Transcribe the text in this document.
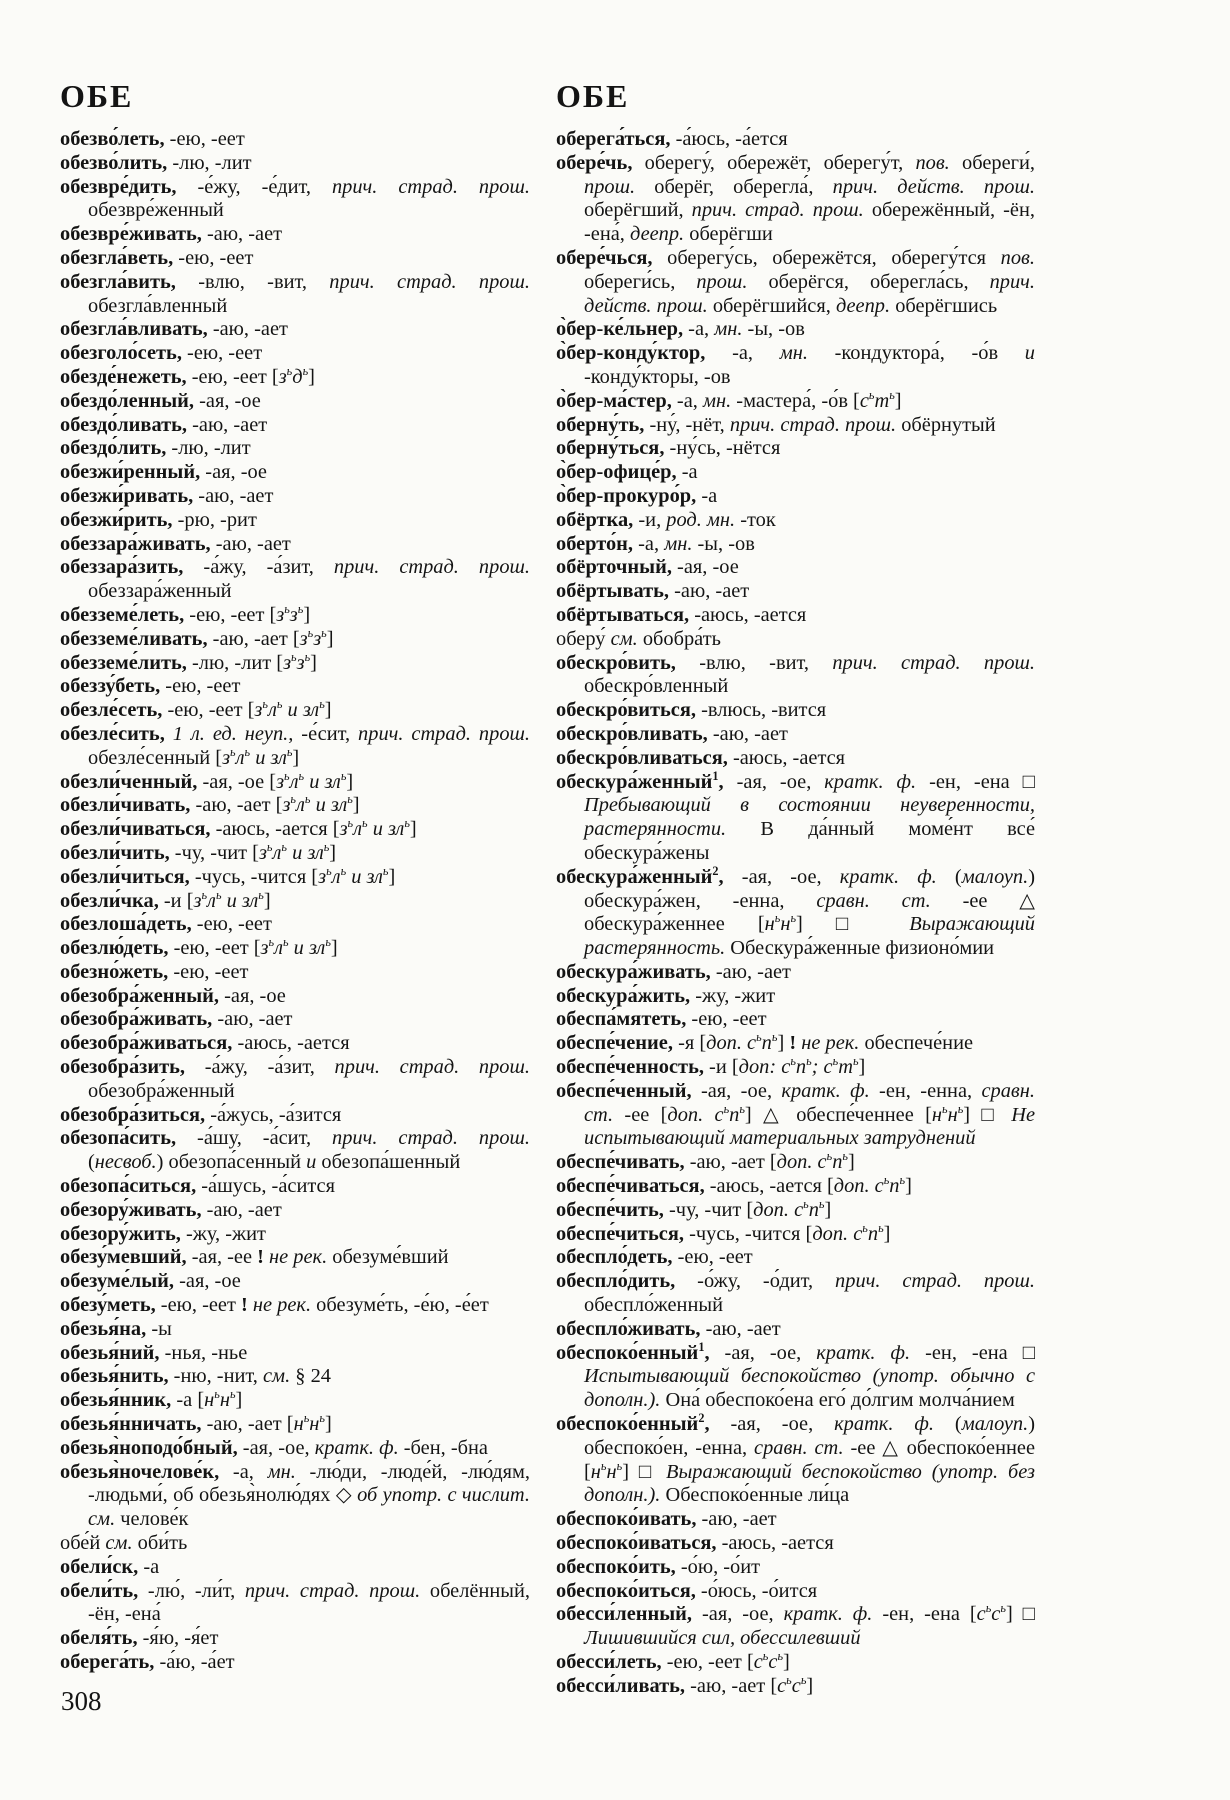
ОБЕ	ОБЕ

обезво́леть, -ею, -еет

обезво́лить, -лю, -лит

обезвре́дить, -е́жу, -е́дит, прич. страд. прош. обезвре́женный

обезвре́живать, -аю, -ает

обезгла́веть, -ею, -еет

обезгла́вить, -влю, -вит, прич. страд. прош. обезгла́вленный

обезгла́вливать, -аю, -ает

обезголо́сеть, -ею, -еет

обезде́нежеть, -ею, -еет $[з^ьд^ь]$

обездо́ленный, -ая, -ое

обездо́ливать, -аю, -ает

обездо́лить, -лю, -лит

обезжи́ренный, -ая, -ое

обезжи́ривать, -аю, -ает

обезжи́рить, -рю, -рит

обеззара́живать, -аю, -ает

обеззара́зить, -а́жу, -а́зит, прич. страд. прош. обеззара́женный

обезземе́леть, -ею, -еет $[з^ьз^ь]$

обезземе́ливать, -аю, -ает $[з^ьз^ь]$

обезземе́лить, -лю, -лит $[з^ьз^ь]$

обеззу́беть, -ею, -еет

обезле́сеть, -ею, -еет [$з^ьл^ь$ и $зл^ь$]

обезле́сить, 1 л. ед. неуп., -е́сит, прич. страд. прош. обезле́сенный [$з^ьл^ь$ и $зл^ь$]

обезли́ченный, -ая, -ое [$з^ьл^ь$ и $зл^ь$]

обезли́чивать, -аю, -ает [$з^ьл^ь$ и $зл^ь$]

обезли́чиваться, -аюсь, -ается [$з^ьл^ь$ и $зл^ь$]

обезли́чить, -чу, -чит [$з^ьл^ь$ и $зл^ь$]

обезли́читься, -чусь, -чится [$з^ьл^ь$ и $зл^ь$]

обезли́чка, -и [$з^ьл^ь$ и $зл^ь$]

обезлоша́деть, -ею, -еет

обезлю́деть, -ею, -еет [$з^ьл^ь$ и $зл^ь$]

обезно́жеть, -ею, -еет

обезобра́женный, -ая, -ое

обезобра́живать, -аю, -ает

обезобра́живаться, -аюсь, -ается

обезобра́зить, -а́жу, -а́зит, прич. страд. прош. обезобра́женный

обезобра́зиться, -а́жусь, -а́зится

обезопа́сить, -а́шу, -а́сит, прич. страд. прош. (несвоб.) обезопа́сенный и обезопа́шенный

обезопа́ситься, -а́шусь, -а́сится

обезору́живать, -аю, -ает

обезору́жить, -жу, -жит

обезу́мевший, -ая, -ее ! не рек. обезуме́вший

обезуме́лый, -ая, -ое

обезу́меть, -ею, -еет ! не рек. обезуме́ть, -е́ю, -е́ет

обезья́на, -ы

обезья́ний, -нья, -нье

обезья́нить, -ню, -нит, см. § 24

обезья́нник, -а $[н^ьн^ь]$

обезья́нничать, -аю, -ает $[н^ьн^ь]$

обезья̀ноподо́бный, -ая, -ое, кратк. ф. -бен, -бна

обезья̀ночелове́к, -а, мн. -лю́ди, -люде́й, -лю́дям, -людьми́, об обезья̀нолю́дях ◇ об употр. с числит. см. челове́к

обе́й см. оби́ть

обели́ск, -а

обели́ть, -лю́, -ли́т, прич. страд. прош. обелённый, -ён, -ена́

обеля́ть, -я́ю, -я́ет

оберега́ть, -а́ю, -а́ет

оберега́ться, -а́юсь, -а́ется

обере́чь, оберегу́, обережёт, оберегу́т, пов. обереги́, прош. оберёг, оберегла́, прич. действ. прош. оберёгший, прич. страд. прош. обережённый, -ён, -ена́, деепр. оберёгши

обере́чься, оберегу́сь, обережётся, оберегу́тся пов. обереги́сь, прош. оберёгся, оберегла́сь, прич. действ. прош. оберёгшийся, деепр. оберёгшись

о̀бер-ке́льнер, -а, мн. -ы, -ов

о̀бер-конду́ктор, -а, мн. -кондуктора́, -о́в и -конду́кторы, -ов

о̀бер-ма́стер, -а, мн. -мастера́, -о́в $[с^ьт^ь]$

оберну́ть, -ну́, -нёт, прич. страд. прош. обёрнутый

оберну́ться, -ну́сь, -нётся

о̀бер-офице́р, -а

о̀бер-прокуро́р, -а

обёртка, -и, род. мн. -ток

оберто́н, -а, мн. -ы, -ов

обёрточный, -ая, -ое

обёртывать, -аю, -ает

обёртываться, -аюсь, -ается

оберу́ см. обобра́ть

обескро́вить, -влю, -вит, прич. страд. прош. обескро́вленный

обескро́виться, -влюсь, -вится

обескро́вливать, -аю, -ает

обескро́вливаться, -аюсь, -ается

обескура́женный$^1$, -ая, -ое, кратк. ф. -ен, -ена □ Пребывающий в состоянии неуверенности, растерянности. В да́нный моме́нт все́ обескура́жены

обескура́женный$^2$, -ая, -ое, кратк. ф. (малоуп.) обескура́жен, -енна, сравн. ст. -ее △ обескура́женнее $[н^ьн^ь]$ □ Выражающий растерянность. Обескура́женные физионо́мии

обескура́живать, -аю, -ает

обескура́жить, -жу, -жит

обеспа́мятеть, -ею, -еет

обеспе́чение, -я [доп. $с^ьп^ь$] ! не рек. обеспече́ние

обеспе́ченность, -и [доп: $с^ьп^ь$; $с^ьт^ь$]

обеспе́ченный, -ая, -ое, кратк. ф. -ен, -енна, сравн. ст. -ее [доп. $с^ьп^ь$] △ обеспе́ченнее $[н^ьн^ь]$ □ Не испытывающий материальных затруднений

обеспе́чивать, -аю, -ает [доп. $с^ьп^ь$]

обеспе́чиваться, -аюсь, -ается [доп. $с^ьп^ь$]

обеспе́чить, -чу, -чит [доп. $с^ьп^ь$]

обеспе́читься, -чусь, -чится [доп. $с^ьп^ь$]

обеспло́деть, -ею, -еет

обеспло́дить, -о́жу, -о́дит, прич. страд. прош. обеспло́женный

обеспло́живать, -аю, -ает

обеспоко́енный$^1$, -ая, -ое, кратк. ф. -ен, -ена □ Испытывающий беспокойство (употр. обычно с дополн.). Она́ обеспоко́ена его́ до́лгим молча́нием

обеспоко́енный$^2$, -ая, -ое, кратк. ф. (малоуп.) обеспоко́ен, -енна, сравн. ст. -ее △ обеспоко́еннее $[н^ьн^ь]$ □ Выражающий беспокойство (употр. без дополн.). Обеспоко́енные ли́ца

обеспоко́ивать, -аю, -ает

обеспоко́иваться, -аюсь, -ается

обеспоко́ить, -о́ю, -о́ит

обеспоко́иться, -о́юсь, -о́ится

обесси́ленный, -ая, -ое, кратк. ф. -ен, -ена $[с^ьс^ь]$ □ Лишившийся сил, обессилевший

обесси́леть, -ею, -еет $[с^ьс^ь]$

обесси́ливать, -аю, -ает $[с^ьс^ь]$

308
